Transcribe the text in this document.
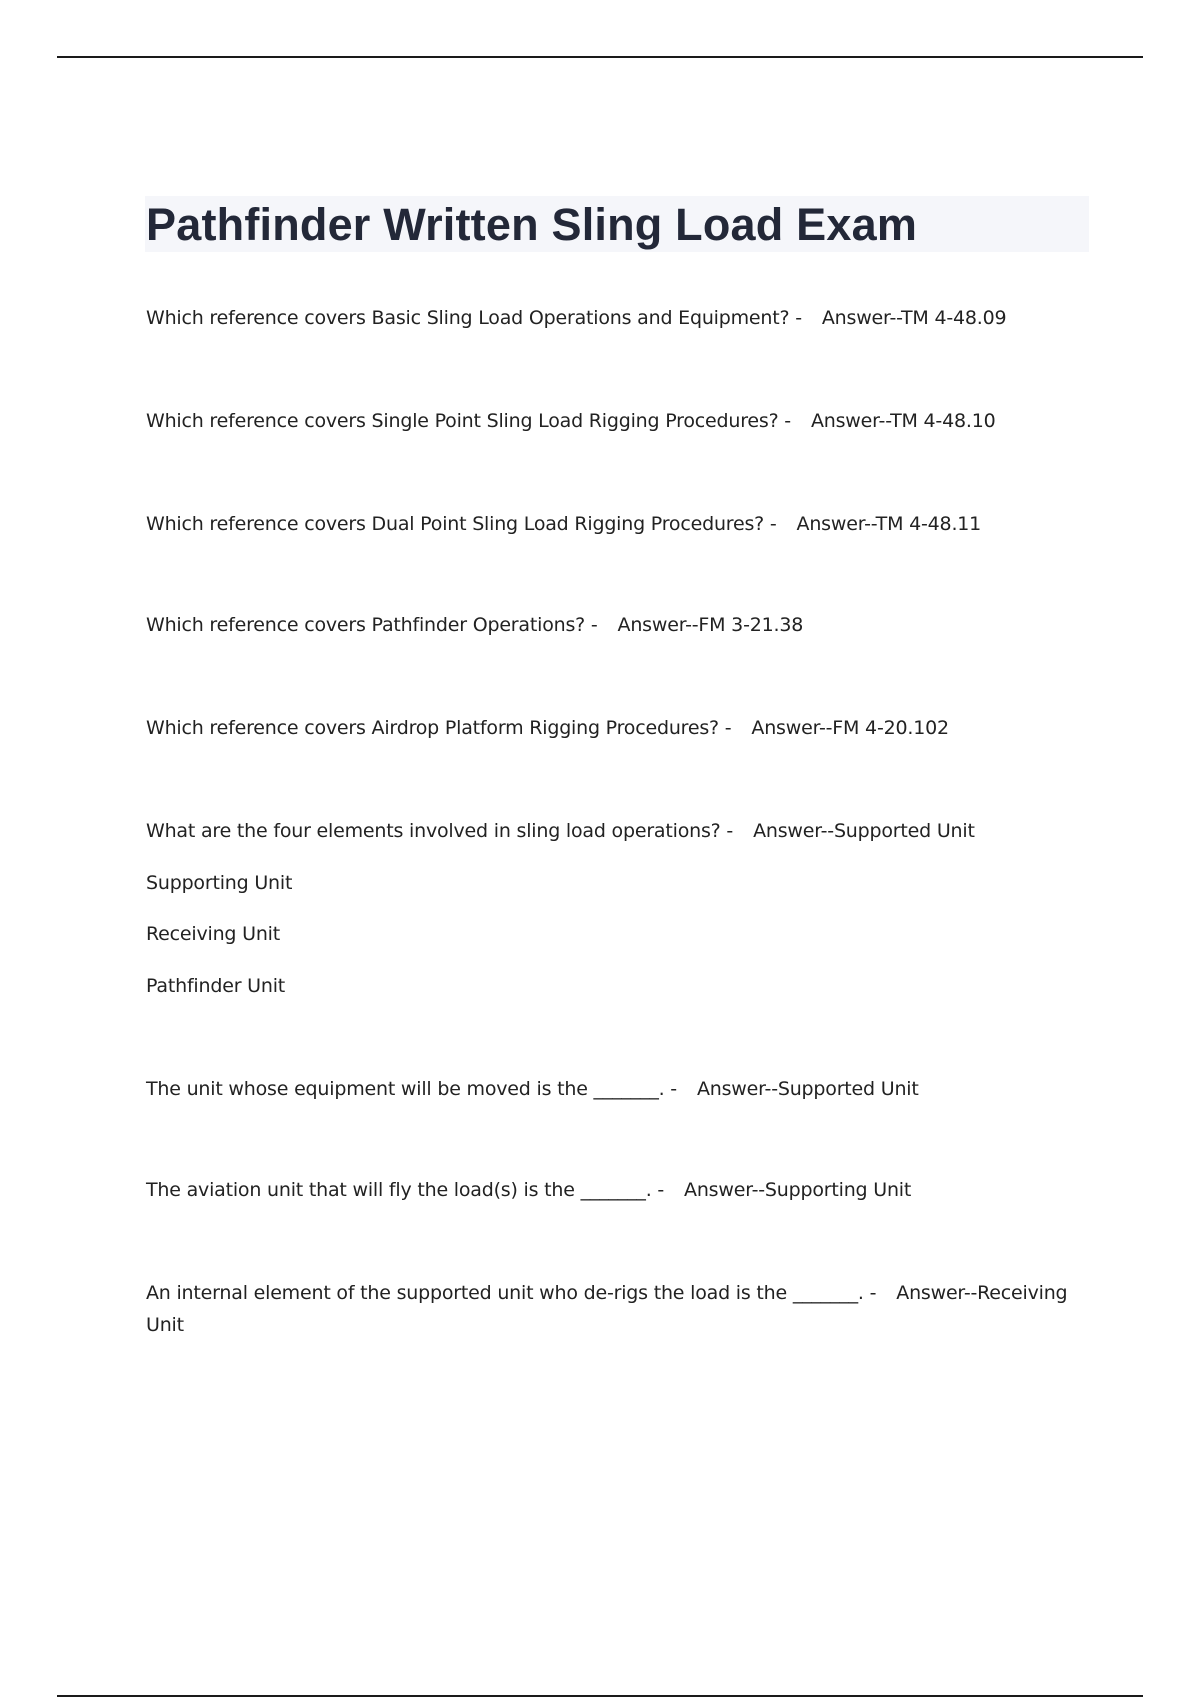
Pathfinder Written Sling Load Exam

Which reference covers Basic Sling Load Operations and Equipment? - Answer--TM 4-48.09

Which reference covers Single Point Sling Load Rigging Procedures? - Answer--TM 4-48.10

Which reference covers Dual Point Sling Load Rigging Procedures? - Answer--TM 4-48.11

Which reference covers Pathfinder Operations? - Answer--FM 3-21.38

Which reference covers Airdrop Platform Rigging Procedures? - Answer--FM 4-20.102

What are the four elements involved in sling load operations? - Answer--Supported Unit

Supporting Unit

Receiving Unit

Pathfinder Unit

The unit whose equipment will be moved is the _______. - Answer--Supported Unit

The aviation unit that will fly the load(s) is the _______. - Answer--Supporting Unit

An internal element of the supported unit who de-rigs the load is the _______. - Answer--Receiving Unit
